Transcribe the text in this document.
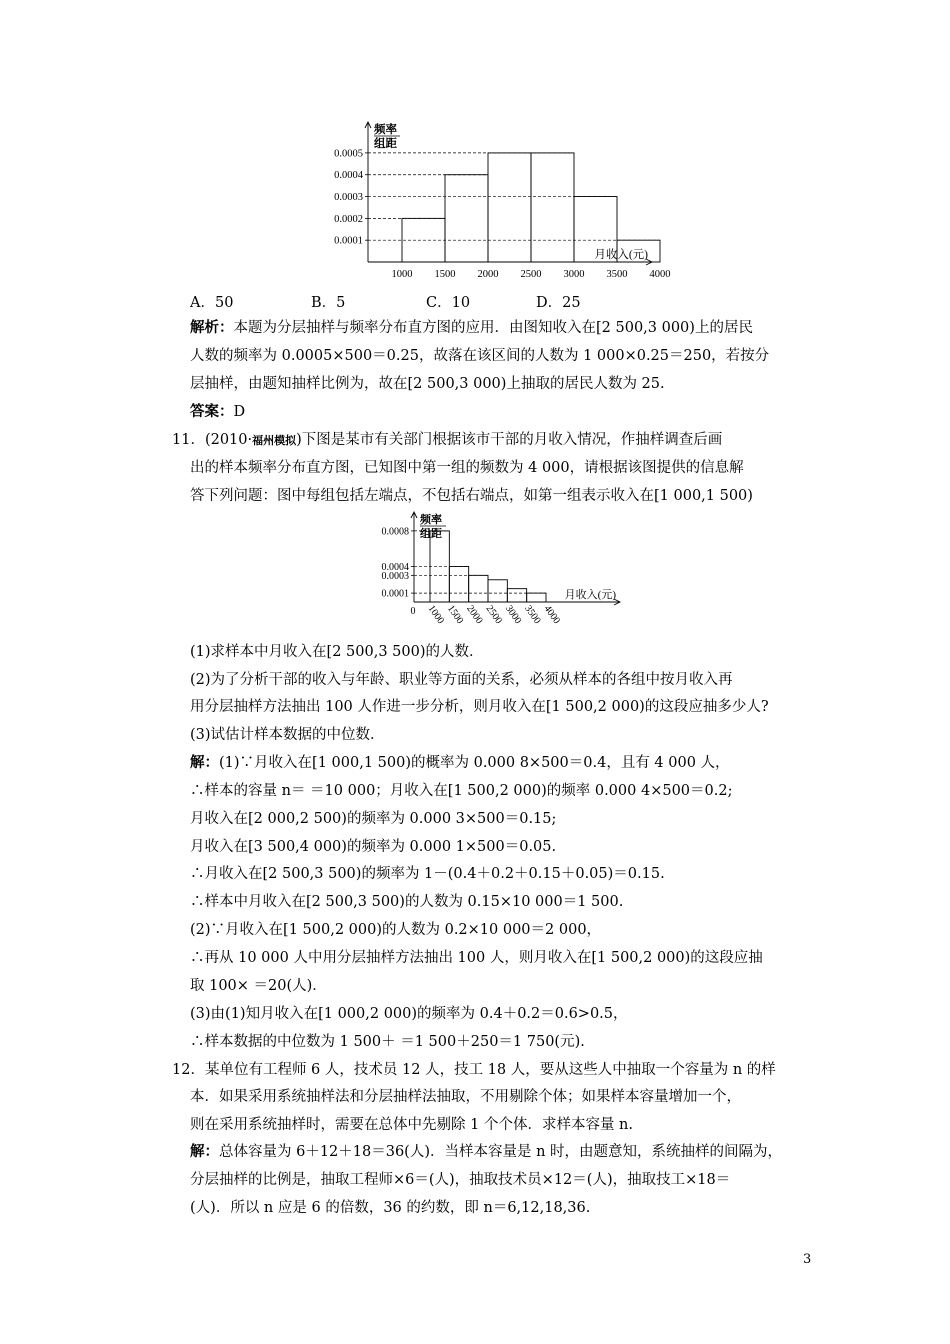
0.0001
0.0002
0.0003
0.0004
0.0005
频率
组距
月收入(元)
1000 1500 2000 2500 3000 3500 4000
A．50	B．5	C．10	D．25
解析：本题为分层抽样与频率分布直方图的应用．由图知收入在[2 500,3 000)上的居民
人数的频率为 0.0005×500＝0.25，故落在该区间的人数为 1 000×0.25＝250，若按分
层抽样，由题知抽样比例为，故在[2 500,3 000)上抽取的居民人数为 25.
答案：D
11．(2010·福州模拟)下图是某市有关部门根据该市干部的月收入情况，作抽样调查后画
出的样本频率分布直方图，已知图中第一组的频数为 4 000，请根据该图提供的信息解
答下列问题：图中每组包括左端点，不包括右端点，如第一组表示收入在[1 000,1 500)
0.0001
0.0003
0.0004
0.0008
频率
组距
月收入(元)
1000
1500
2000
2500
3000
3500
4000
0
(1)求样本中月收入在[2 500,3 500)的人数．
(2)为了分析干部的收入与年龄、职业等方面的关系，必须从样本的各组中按月收入再
用分层抽样方法抽出 100 人作进一步分析，则月收入在[1 500,2 000)的这段应抽多少人?
(3)试估计样本数据的中位数．
解：(1)∵月收入在[1 000,1 500)的概率为 0.000 8×500＝0.4，且有 4 000 人，
∴样本的容量 n＝ ＝10 000；月收入在[1 500,2 000)的频率 0.000 4×500＝0.2;
月收入在[2 000,2 500)的频率为 0.000 3×500＝0.15;
月收入在[3 500,4 000)的频率为 0.000 1×500＝0.05.
∴月收入在[2 500,3 500)的频率为 1－(0.4＋0.2＋0.15＋0.05)＝0.15.
∴样本中月收入在[2 500,3 500)的人数为 0.15×10 000＝1 500.
(2)∵月收入在[1 500,2 000)的人数为 0.2×10 000＝2 000，
∴再从 10 000 人中用分层抽样方法抽出 100 人，则月收入在[1 500,2 000)的这段应抽
取 100× ＝20(人)．
(3)由(1)知月收入在[1 000,2 000)的频率为 0.4＋0.2＝0.6>0.5，
∴样本数据的中位数为 1 500＋ ＝1 500＋250＝1 750(元).
12．某单位有工程师 6 人，技术员 12 人，技工 18 人，要从这些人中抽取一个容量为 n 的样
本．如果采用系统抽样法和分层抽样法抽取，不用剔除个体；如果样本容量增加一个，
则在采用系统抽样时，需要在总体中先剔除 1 个个体．求样本容量 n.
解：总体容量为 6＋12＋18＝36(人)．当样本容量是 n 时，由题意知，系统抽样的间隔为，
分层抽样的比例是，抽取工程师×6＝(人)，抽取技术员×12＝(人)，抽取技工×18＝
(人)．所以 n 应是 6 的倍数，36 的约数，即 n＝6,12,18,36.
3
